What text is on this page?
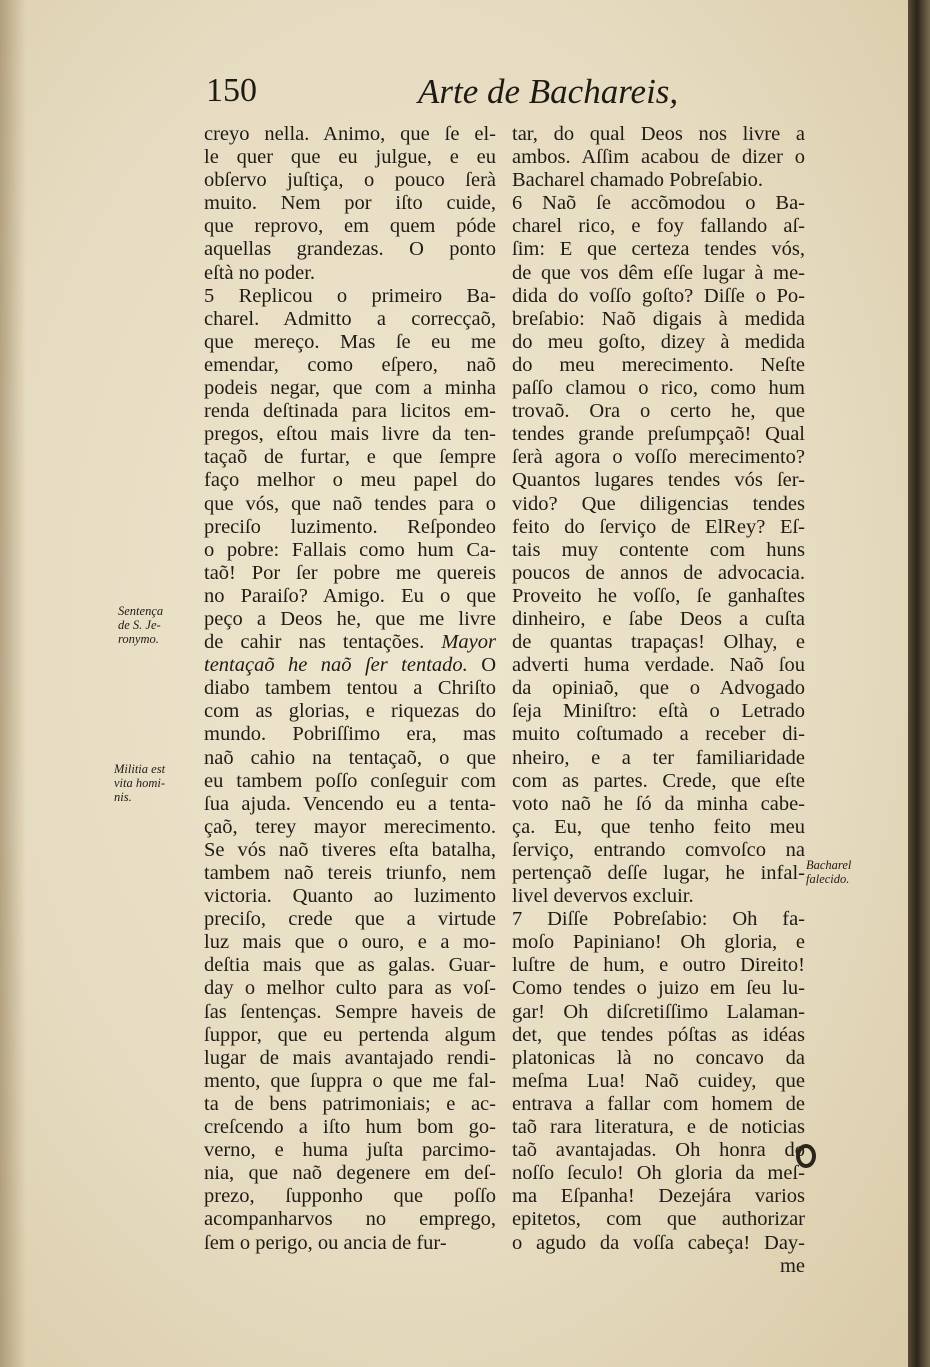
150	Arte de Bachareis,
Sentença
de S. Je-
ronymo.
Militia est
vita homi-
nis.
Bacharel
falecido.
creyo nella. Animo, que ſe el-
le quer que eu julgue, e eu
obſervo juſtiça, o pouco ſerà
muito. Nem por iſto cuide,
que reprovo, em quem póde
aquellas grandezas. O ponto
eſtà no poder.
5 Replicou o primeiro Ba-
charel. Admitto a correcçaõ,
que mereço. Mas ſe eu me
emendar, como eſpero, naõ
podeis negar, que com a minha
renda deſtinada para licitos em-
pregos, eſtou mais livre da ten-
taçaõ de furtar, e que ſempre
faço melhor o meu papel do
que vós, que naõ tendes para o
preciſo luzimento. Reſpondeo
o pobre: Fallais como hum Ca-
taõ! Por ſer pobre me quereis
no Paraiſo? Amigo. Eu o que
peço a Deos he, que me livre
de cahir nas tentações. Mayor
tentaçaõ he naõ ſer tentado. O
diabo tambem tentou a Chriſto
com as glorias, e riquezas do
mundo. Pobriſſimo era, mas
naõ cahio na tentaçaõ, o que
eu tambem poſſo conſeguir com
ſua ajuda. Vencendo eu a tenta-
çaõ, terey mayor merecimento.
Se vós naõ tiveres eſta batalha,
tambem naõ tereis triunfo, nem
victoria. Quanto ao luzimento
preciſo, crede que a virtude
luz mais que o ouro, e a mo-
deſtia mais que as galas. Guar-
day o melhor culto para as voſ-
ſas ſentenças. Sempre haveis de
ſuppor, que eu pertenda algum
lugar de mais avantajado rendi-
mento, que ſuppra o que me fal-
ta de bens patrimoniais; e ac-
creſcendo a iſto hum bom go-
verno, e huma juſta parcimo-
nia, que naõ degenere em deſ-
prezo, ſupponho que poſſo
acompanharvos no emprego,
ſem o perigo, ou ancia de fur-
tar, do qual Deos nos livre a
ambos. Aſſim acabou de dizer o
Bacharel chamado Pobreſabio.
6 Naõ ſe accõmodou o Ba-
charel rico, e foy fallando aſ-
ſim: E que certeza tendes vós,
de que vos dêm eſſe lugar à me-
dida do voſſo goſto? Diſſe o Po-
breſabio: Naõ digais à medida
do meu goſto, dizey à medida
do meu merecimento. Neſte
paſſo clamou o rico, como hum
trovaõ. Ora o certo he, que
tendes grande preſumpçaõ! Qual
ſerà agora o voſſo merecimento?
Quantos lugares tendes vós ſer-
vido? Que diligencias tendes
feito do ſerviço de ElRey? Eſ-
tais muy contente com huns
poucos de annos de advocacia.
Proveito he voſſo, ſe ganhaſtes
dinheiro, e ſabe Deos a cuſta
de quantas trapaças! Olhay, e
adverti huma verdade. Naõ ſou
da opiniaõ, que o Advogado
ſeja Miniſtro: eſtà o Letrado
muito coſtumado a receber di-
nheiro, e a ter familiaridade
com as partes. Crede, que eſte
voto naõ he ſó da minha cabe-
ça. Eu, que tenho feito meu
ſerviço, entrando comvoſco na
pertençaõ deſſe lugar, he infal-
livel devervos excluir.
7 Diſſe Pobreſabio: Oh fa-
moſo Papiniano! Oh gloria, e
luſtre de hum, e outro Direito!
Como tendes o juizo em ſeu lu-
gar! Oh diſcretiſſimo Lalaman-
det, que tendes póſtas as idéas
platonicas là no concavo da
meſma Lua! Naõ cuidey, que
entrava a fallar com homem de
taõ rara literatura, e de noticias
taõ avantajadas. Oh honra do
noſſo ſeculo! Oh gloria da meſ-
ma Eſpanha! Dezejára varios
epitetos, com que authorizar
o agudo da voſſa cabeça! Day-
me
